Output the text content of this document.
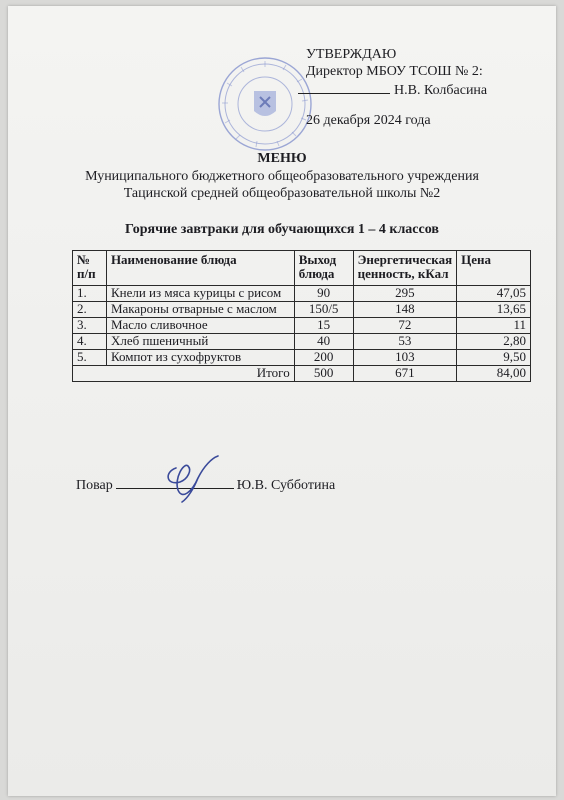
УТВЕРЖДАЮ
Директор МБОУ ТСОШ № 2:
Н.В. Колбасина
26 декабря 2024 года
МЕНЮ
Муниципального бюджетного общеобразовательного учреждения
Тацинской средней общеобразовательной школы №2
Горячие завтраки для обучающихся 1 – 4 классов
№ п/п	Наименование блюда	Выход блюда	Энергетическая ценность, кКал	Цена
1.	Кнели из мяса курицы с рисом	90	295	47,05
2.	Макароны отварные с маслом	150/5	148	13,65
3.	Масло сливочное	15	72	11
4.	Хлеб пшеничный	40	53	2,80
5.	Компот из сухофруктов	200	103	9,50
Итого		500	671	84,00
Повар	Ю.В. Субботина
